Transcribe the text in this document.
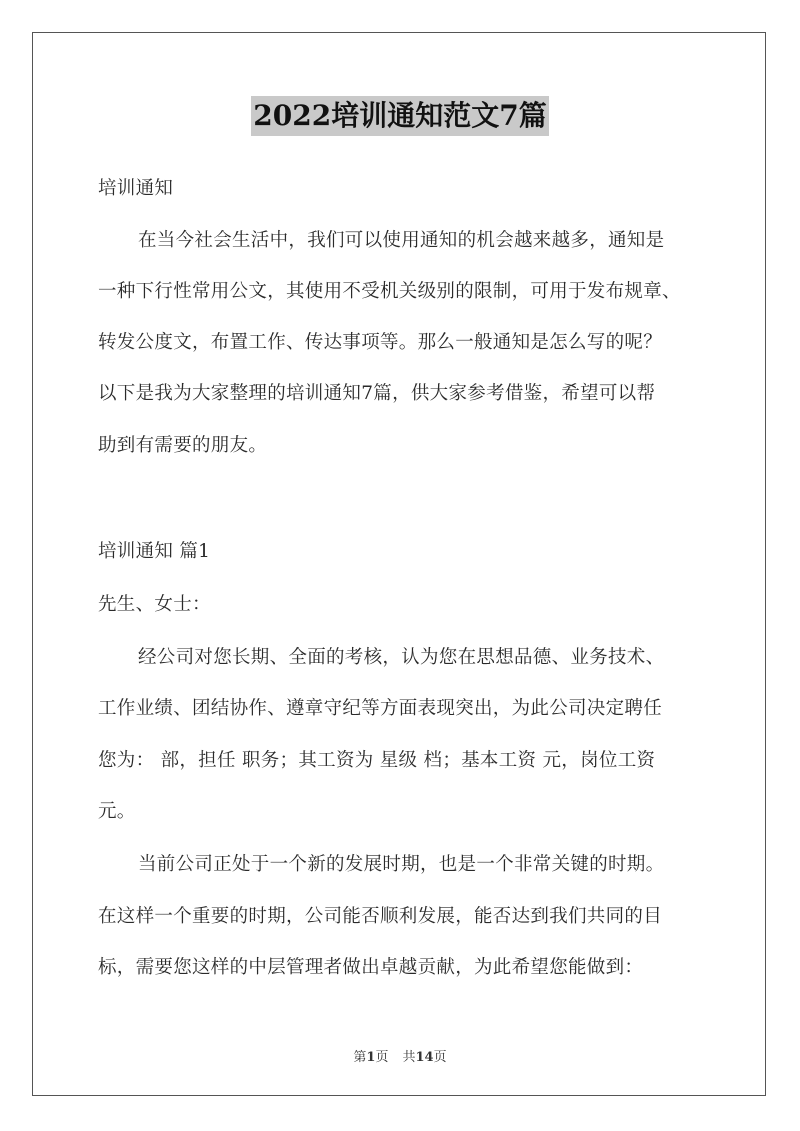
2022培训通知范文7篇
培训通知
在当今社会生活中，我们可以使用通知的机会越来越多，通知是
一种下行性常用公文，其使用不受机关级别的限制，可用于发布规章、
转发公度文，布置工作、传达事项等。那么一般通知是怎么写的呢？
以下是我为大家整理的培训通知7篇，供大家参考借鉴，希望可以帮
助到有需要的朋友。
培训通知 篇1
先生、女士：
经公司对您长期、全面的考核，认为您在思想品德、业务技术、
工作业绩、团结协作、遵章守纪等方面表现突出，为此公司决定聘任
您为： 部，担任 职务；其工资为 星级 档；基本工资 元，岗位工资
元。
当前公司正处于一个新的发展时期，也是一个非常关键的时期。
在这样一个重要的时期，公司能否顺利发展，能否达到我们共同的目
标，需要您这样的中层管理者做出卓越贡献，为此希望您能做到：
第1页 共14页
